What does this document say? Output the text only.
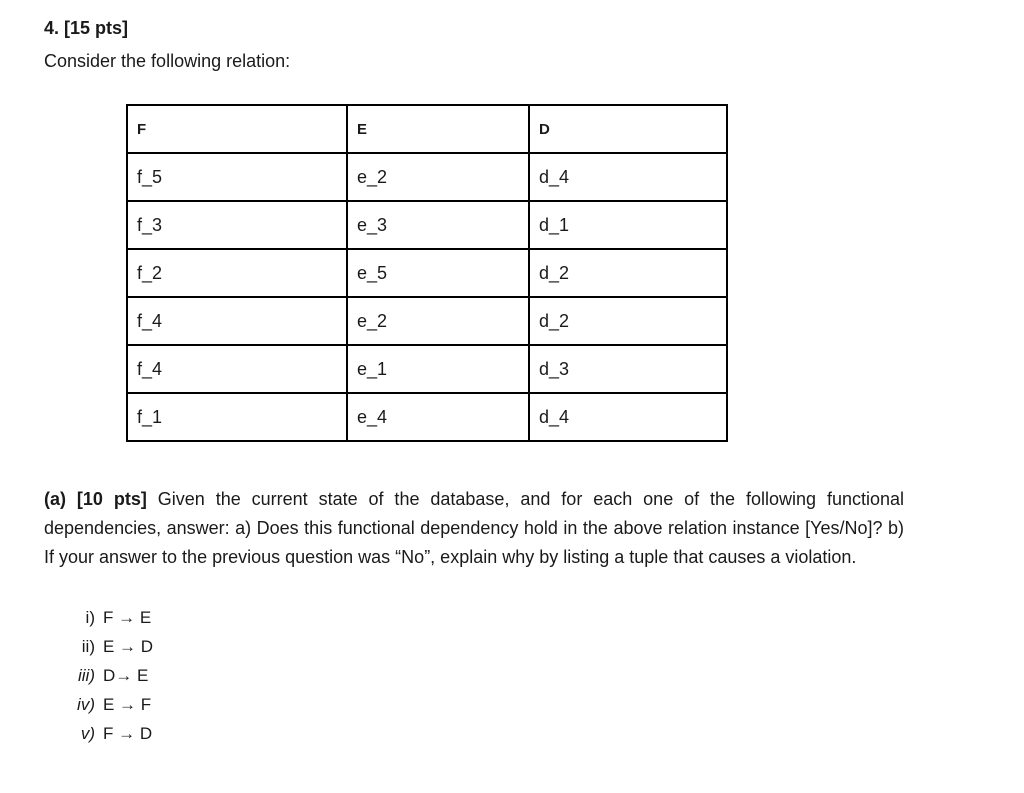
4. [15 pts]

Consider the following relation:

F	E	D
f_5	e_2	d_4
f_3	e_3	d_1
f_2	e_5	d_2
f_4	e_2	d_2
f_4	e_1	d_3
f_1	e_4	d_4

(a) [10 pts] Given the current state of the database, and for each one of the following functional dependencies, answer: a) Does this functional dependency hold in the above relation instance [Yes/No]? b) If your answer to the previous question was “No”, explain why by listing a tuple that causes a violation.

i) F → E
ii) E → D
iii) D→ E
iv) E → F
v) F → D
